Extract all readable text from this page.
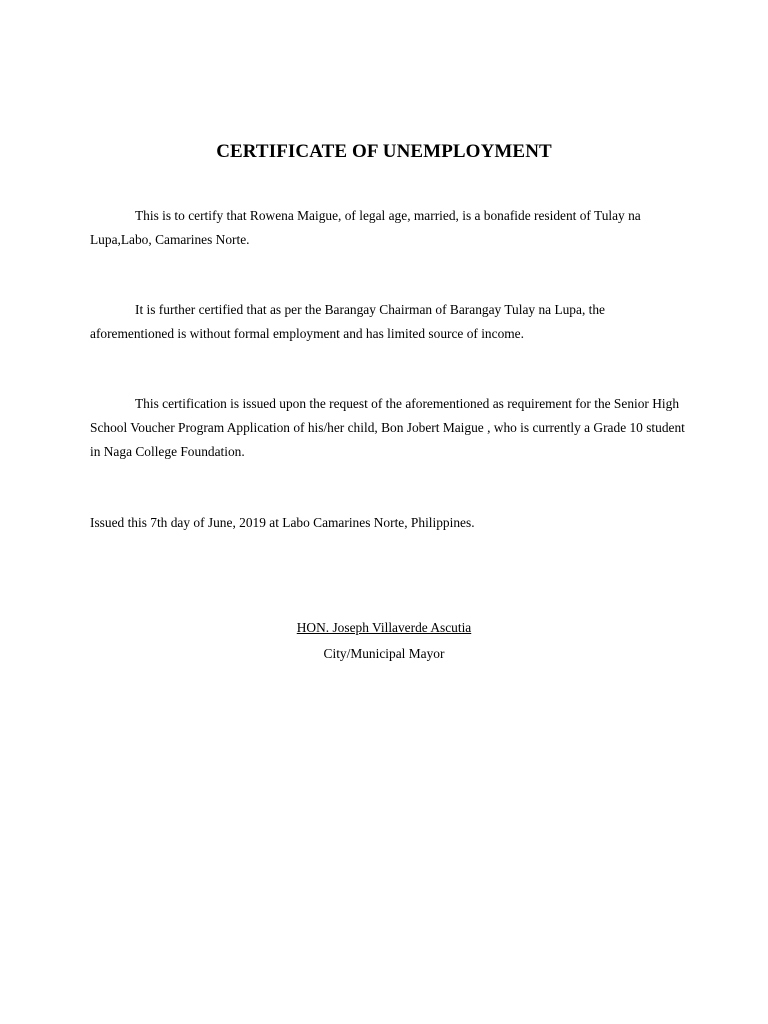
CERTIFICATE OF UNEMPLOYMENT

This is to certify that Rowena Maigue, of legal age, married, is a bonafide resident of Tulay na Lupa,Labo, Camarines Norte.

It is further certified that as per the Barangay Chairman of Barangay Tulay na Lupa, the aforementioned is without formal employment and has limited source of income.

This certification is issued upon the request of the aforementioned as requirement for the Senior High School Voucher Program Application of his/her child, Bon Jobert Maigue , who is currently a Grade 10 student in Naga College Foundation.

Issued this 7th day of June, 2019 at Labo Camarines Norte, Philippines.

HON. Joseph Villaverde Ascutia

City/Municipal Mayor
